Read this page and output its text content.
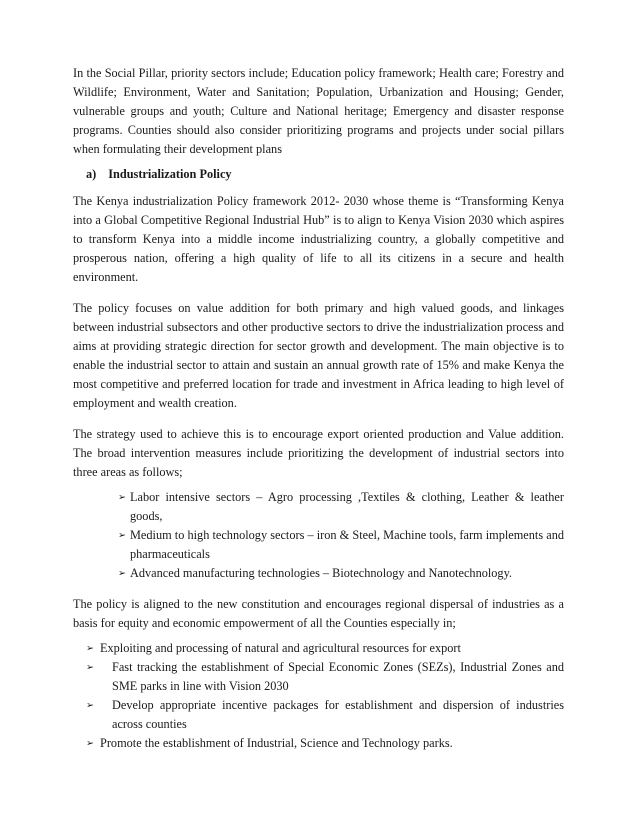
In the Social Pillar, priority sectors include; Education policy framework; Health care; Forestry and Wildlife; Environment, Water and Sanitation; Population, Urbanization and Housing; Gender, vulnerable groups and youth; Culture and National heritage; Emergency and disaster response programs. Counties should also consider prioritizing programs and projects under social pillars when formulating their development plans

a) Industrialization Policy

The Kenya industrialization Policy framework 2012- 2030 whose theme is “Transforming Kenya into a Global Competitive Regional Industrial Hub” is to align to Kenya Vision 2030 which aspires to transform Kenya into a middle income industrializing country, a globally competitive and prosperous nation, offering a high quality of life to all its citizens in a secure and health environment.

The policy focuses on value addition for both primary and high valued goods, and linkages between industrial subsectors and other productive sectors to drive the industrialization process and aims at providing strategic direction for sector growth and development. The main objective is to enable the industrial sector to attain and sustain an annual growth rate of 15% and make Kenya the most competitive and preferred location for trade and investment in Africa leading to high level of employment and wealth creation.

The strategy used to achieve this is to encourage export oriented production and Value addition. The broad intervention measures include prioritizing the development of industrial sectors into three areas as follows;

➢ Labor intensive sectors – Agro processing ,Textiles & clothing, Leather & leather goods,
➢ Medium to high technology sectors – iron & Steel, Machine tools, farm implements and pharmaceuticals
➢ Advanced manufacturing technologies – Biotechnology and Nanotechnology.

The policy is aligned to the new constitution and encourages regional dispersal of industries as a basis for equity and economic empowerment of all the Counties especially in;

➢ Exploiting and processing of natural and agricultural resources for export
➢	Fast tracking the establishment of Special Economic Zones (SEZs), Industrial Zones and SME parks in line with Vision 2030
➢	Develop appropriate incentive packages for establishment and dispersion of industries across counties
➢ Promote the establishment of Industrial, Science and Technology parks.
